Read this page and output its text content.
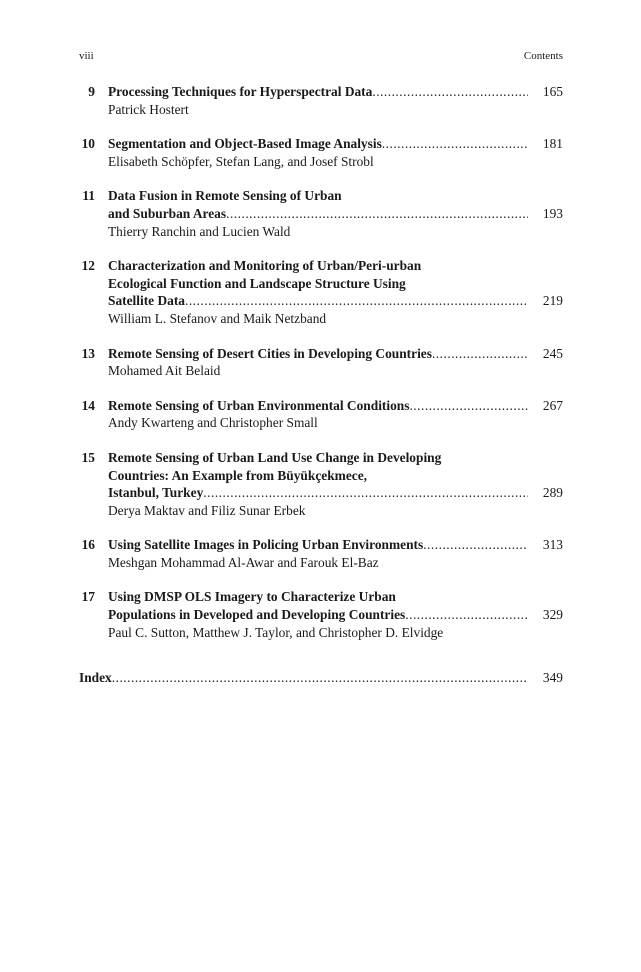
viii	Contents
9 Processing Techniques for Hyperspectral Data
.....
Patrick Hostert
165
10 Segmentation and Object-Based Image Analysis
.....
Elisabeth Schöpfer, Stefan Lang, and Josef Strobl
181
11 Data Fusion in Remote Sensing of Urban
and Suburban Areas
.....
Thierry Ranchin and Lucien Wald
193
12 Characterization and Monitoring of Urban/Peri-urban
Ecological Function and Landscape Structure Using
Satellite Data
.....
William L. Stefanov and Maik Netzband
219
13 Remote Sensing of Desert Cities in Developing Countries
.....
Mohamed Ait Belaid
245
14 Remote Sensing of Urban Environmental Conditions
.....
Andy Kwarteng and Christopher Small
267
15 Remote Sensing of Urban Land Use Change in Developing
Countries: An Example from Büyükçekmece,
Istanbul, Turkey
.....
Derya Maktav and Filiz Sunar Erbek
289
16 Using Satellite Images in Policing Urban Environments
.....
Meshgan Mohammad Al-Awar and Farouk El-Baz
313
17 Using DMSP OLS Imagery to Characterize Urban
Populations in Developed and Developing Countries
.....
Paul C. Sutton, Matthew J. Taylor, and Christopher D. Elvidge
329
Index
.....	349
